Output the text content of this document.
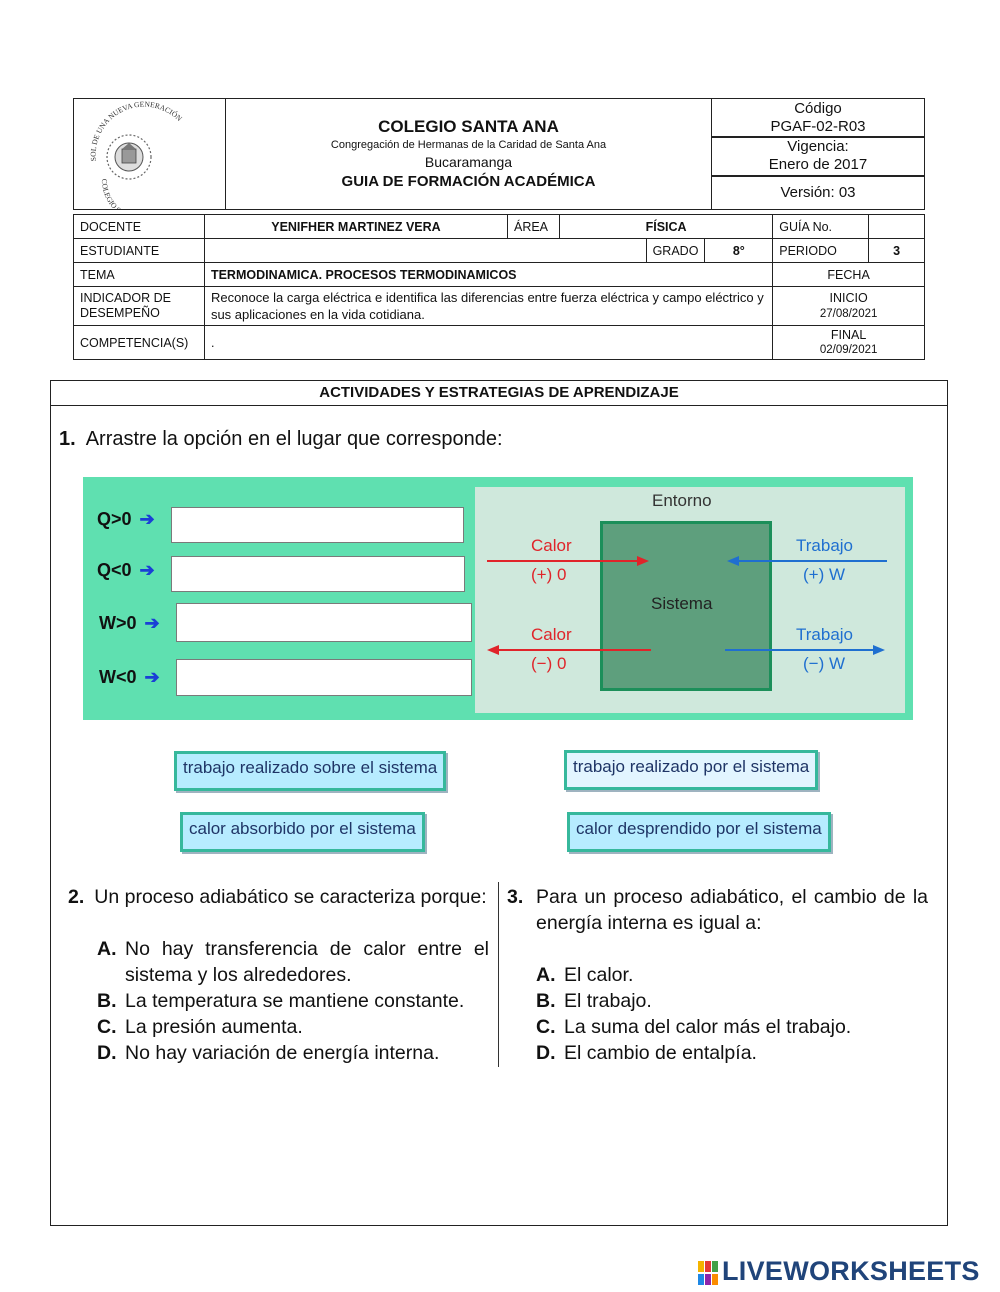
SOL DE UNA NUEVA GENERACIÓN
COLEGIO
COLEGIO SANTA ANA
Congregación de Hermanas de la Caridad de Santa Ana
Bucaramanga
GUIA DE FORMACIÓN ACADÉMICA
Código
PGAF-02-R03
Vigencia:
Enero de 2017
Versión: 03
DOCENTE	YENIFHER MARTINEZ VERA	ÁREA	FÍSICA			GUÍA No.	
ESTUDIANTE				GRADO	8°	PERIODO	3
TEMA	TERMODINAMICA. PROCESOS TERMODINAMICOS					FECHA	
INDICADOR DE
DESEMPEÑO	Reconoce la carga eléctrica e identifica las diferencias entre fuerza eléctrica y campo eléctrico y sus aplicaciones en la vida cotidiana.					INICIO
27/08/2021	
COMPETENCIA(S)	.					FINAL
02/09/2021	
ACTIVIDADES Y ESTRATEGIAS DE APRENDIZAJE
1. Arrastre la opción en el lugar que corresponde:
Q>0 ➔
Q<0 ➔
W>0 ➔
W<0 ➔
Entorno
Sistema
Calor
(+) 0
Calor
(−) 0
Trabajo
(+) W
Trabajo
(−) W
trabajo realizado sobre el sistema	trabajo realizado por el sistema
calor absorbido por el sistema	calor desprendido por el sistema
2. Un proceso adiabático se caracteriza porque:
A. No hay transferencia de calor entre el sistema y los alrededores.
B. La temperatura se mantiene constante.
C. La presión aumenta.
D. No hay variación de energía interna.
3. Para un proceso adiabático, el cambio de la energía interna es igual a:
A. El calor.
B. El trabajo.
C. La suma del calor más el trabajo.
D. El cambio de entalpía.
LIVEWORKSHEETS
